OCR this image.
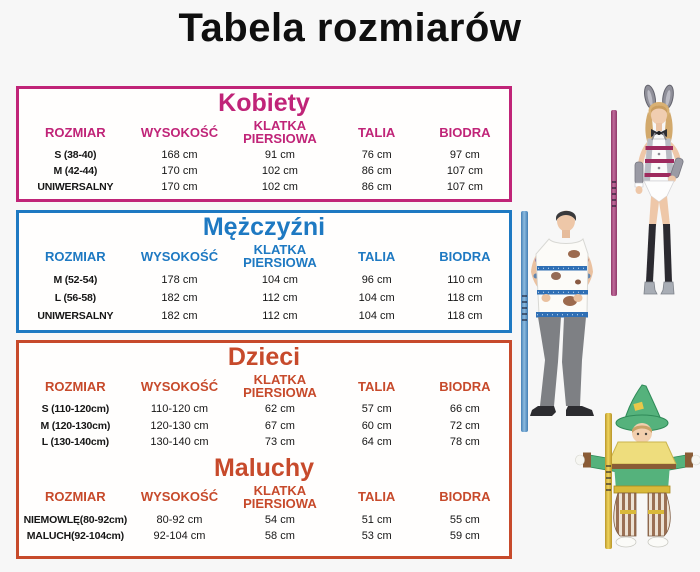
Tabela rozmiarów
Kobiety
ROZMIAR	WYSOKOŚĆ	KLATKA PIERSIOWA	TALIA	BIODRA
S (38-40)	168 cm	91 cm	76 cm	97 cm
M (42-44)	170 cm	102 cm	86 cm	107 cm
UNIWERSALNY	170 cm	102 cm	86 cm	107 cm
Mężczyźni
ROZMIAR	WYSOKOŚĆ	KLATKA PIERSIOWA	TALIA	BIODRA
M (52-54)	178 cm	104 cm	96 cm	110 cm
L (56-58)	182 cm	112 cm	104 cm	118 cm
UNIWERSALNY	182 cm	112 cm	104 cm	118 cm
Dzieci
ROZMIAR	WYSOKOŚĆ	KLATKA PIERSIOWA	TALIA	BIODRA
S (110-120cm)	110-120 cm	62 cm	57 cm	66 cm
M (120-130cm)	120-130 cm	67 cm	60 cm	72 cm
L (130-140cm)	130-140 cm	73 cm	64 cm	78 cm
Maluchy
ROZMIAR	WYSOKOŚĆ	KLATKA PIERSIOWA	TALIA	BIODRA
NIEMOWLĘ(80-92cm)	80-92 cm	54 cm	51 cm	55 cm
MALUCH(92-104cm)	92-104 cm	58 cm	53 cm	59 cm
